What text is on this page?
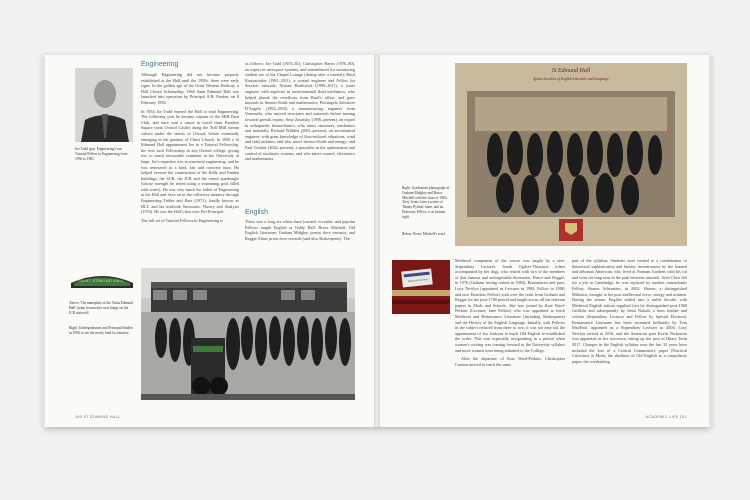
Joe Todd (gas. Engineering) was Tutorial Fellow in Engineering from 1956 to 1981.
Engineering

Although Engineering did not become properly established at the Hall until the 1950s, there were early signs. In the golden age of the Great Western Railway, a Hall Closed Scholarship, 1960 Saint Edmund Hall was launched into operation by Principal A.B. Emden, on 8 February 1956.

In 1954 Joe Todd entered the Hall to read Engineering. The following year he became captain of the SEH Boat Club, and once said a canoe to travel from Paradise Square (near Oxford Castle) along the Trill Mill stream culvert under the streets of Oxford, before eventually emerging in the gardens of Christ Church. In 1956 a St Edmund Hall appointment Joe to a Tutorial Fellowship, the first such Fellowship in any Oxford college, giving rise to much favourable comment in the University at large. Joe's expertise was in structural engineering, and he was renowned as a kind, fair and concrete tutor. He helped oversee the construction of the Kelly and Emden buildings, the SCR, the JCR and the raised quadrangle (whose strength he tested using a swimming pool filled with water). He was very much the father of Engineering at the Hall and lives on in the collective memory through Engineering Tables and Rate (1971), fondly known as HLT, and his textbook Structures: Theory and Analysis (1974). He was the Hall's first ever Pro-Principal.

The full set of Tutorial Fellows in Engineering is

as follows: Joe Todd (1953–81); Christopher Harris (1976–80), an expert in aerospace systems, and remembered for monitoring student use of the Chapel Lounge (during after a tutorial); Basil Kouvaritakis (1981–2011), a control engineer and Fellow for Socratic tutorials; Alistair Borthwick (1990–2011), a water engineer with expertise in environmental fluid mechanics, who helped plumb the overflows from Basil's office, and gave tutorials in thermo-fluids and mathematics; Pierangelo Salvatore D'Angelo (1992–2010) a manufacturing engineer from Venezuela, who tutored structures and materials before turning towards growth equity; Amy Zavatsky (1996–present), an expert in orthopaedic biomechanics, who tutors structures, mechanics and materials; Richard Willden (2001–present), an aeronautical engineer, with great knowledge of flow-induced vibrations, wind and tidal turbines, and who tutors thermo-fluids and energy; and Paul Goulart (2022–present), a specialist in the optimisation and control of stochastic systems, and who tutors control, electronics and mathematics.

English
There was a long era when three learned, eccentric and popular Fellows taught English at Teddy Hall: Bruce Mitchell, Old English Literature; Graham Midgley, poetry doce venustis; and Reggie Alton, prose doce rewards (and also Shakespeare). The
SAINT EDMUND HALL
Above: The nameplate of the 'Saint Edmund Hall' steam locomotive now hangs on the JCR stairwell.
Right: Undergraduates and Principal Emden in 1956 to see the newly built locomotive.
150 ST EDMUND HALL
St Edmund Hall
Sports Societies of English Literature and Language
Right: Graduation photograph of Graham Midgley and Bruce Mitchell with the class of 1965. Terry Jones, later a writer of 'Monty Python' fame, and an Honorary Fellow, is at bottom right.
Below: Bruce Mitchell's scarf.
Hobrook's Lucerne

Medieval component of the course was taught by a non-Stipendiary Lecturer, Sarah Ogilvie-Thomson (often accompanied by her dog), who retired with two of the members of that famous and unforgettable threesome, Bruce and Reggie, in 1976 (Graham having retired in 1984). Romanticist and poet, Lucy Newlyn (appointed as Lecturer in 1984, Fellow in 1988; and now Emeritus Fellow) took over the reins from Graham and Reggie for the post-1700 period and taught across all the relevant papers in Mods and Schools. She was joined by Kate Ward-Perkins (Lecturer, later Fellow) who was appointed to teach Medieval and Renaissance Literature (including Shakespeare) and the History of the English Language. Initially, with Fellows in the subject reduced from three to two, it was not easy but the appointment of Joy Jenkyns to teach Old English re-established the order. This was especially invigorating in a period when women's writing was coming forward in the University syllabus and more women were being admitted to the College.

After the departure of Kate Ward-Perkins, Christopher Cannon arrived to teach the same

part of the syllabus. Students were treated to a combination of theoretical sophistication and literary inventiveness by the learned and debonair American, who lived at Norham Gardens with his cat and went for long runs in the park between tutorials. After Chris left for a job in Cambridge, he was replaced by another transatlantic Fellow, Sharon Achinstein, in 2002. Sharon, a distinguished Miltonist, brought to her post intellectual verve, energy and acumen. During her tenure, English settled into a stable decade, with Medieval English tuition supplied first by distinguished post-1900 Griffiths and subsequently by Jenni Nuttall, a born teacher and scholar (Stipendiary Lecturer and Fellow by Special Election). Renaissance Literature has been sustained brilliantly by Tom MacFaul, appointed as a Stipendiary Lecturer in 2004. Lucy Newlyn retired in 2016, and the American poet Kevin Nickerson was appointed as her successor, taking up her post in Hilary Term 2017. Changes in the English syllabus over the last 35 years have included the loss of a Critical Commentary paper (Practical Criticism) in Mods; the abolition of Old English as a compulsory paper; the overhauling

ACADEMIC LIFE 151
